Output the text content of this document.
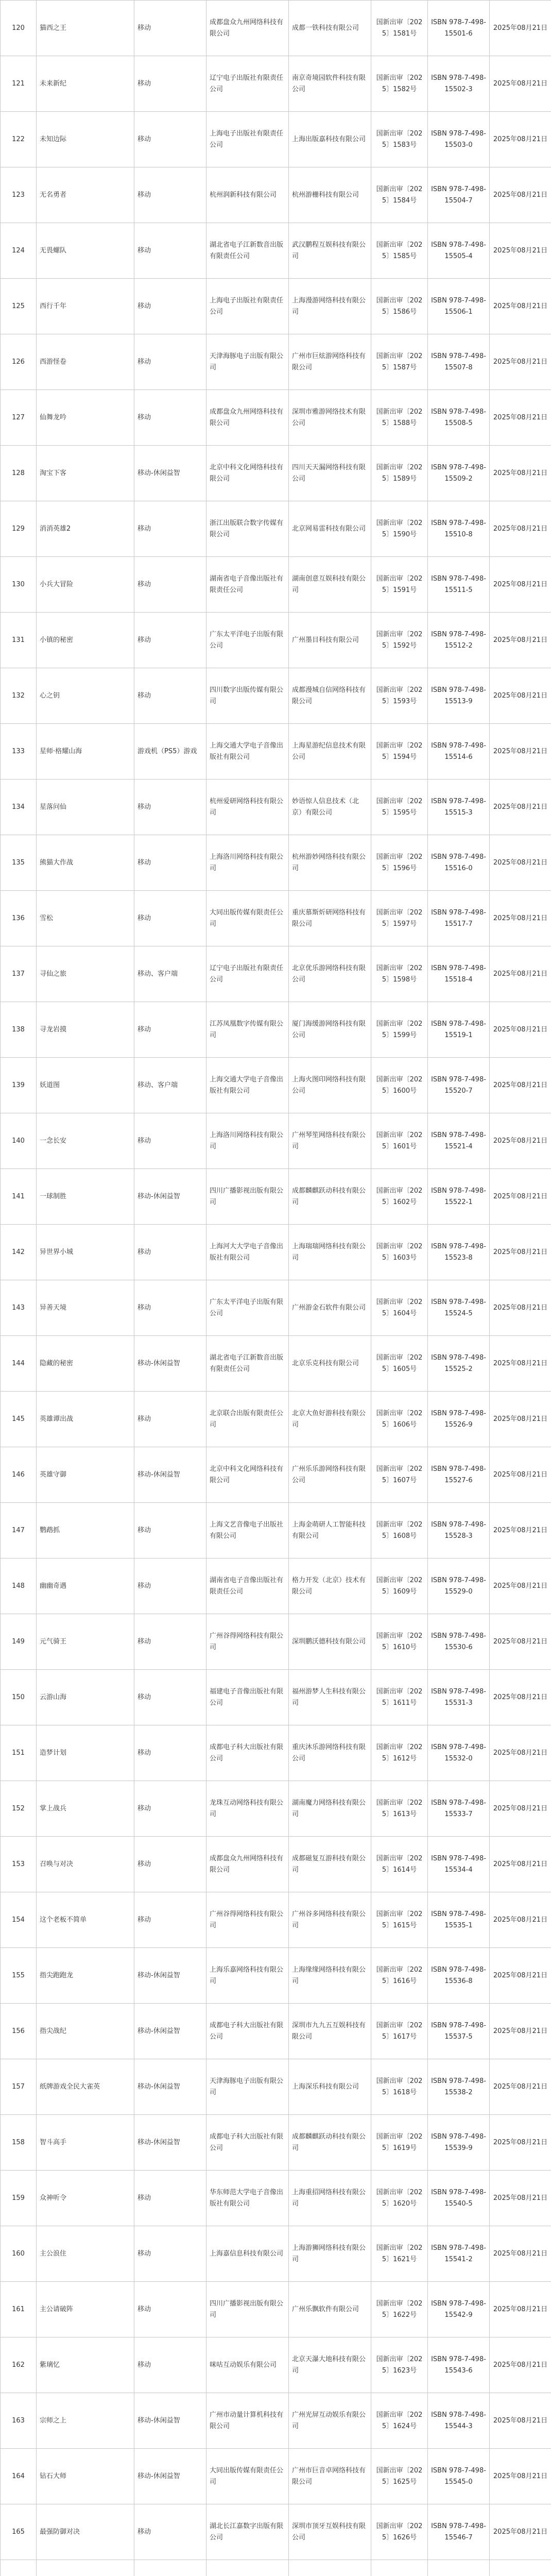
120	猫西之王	移动	成都盘众九州网络科技有限公司	成都一铁科技有限公司	国新出审〔2025〕1581号	ISBN 978-7-498-15501-6	2025年08月21日
121	未来新纪	移动	辽宁电子出版社有限责任公司	南京奇境园软件科技有限公司	国新出审〔2025〕1582号	ISBN 978-7-498-15502-3	2025年08月21日
122	未知边际	移动	上海电子出版社有限责任公司	上海出版嘉科技有限公司	国新出审〔2025〕1583号	ISBN 978-7-498-15503-0	2025年08月21日
123	无名勇者	移动	杭州润新科技有限公司	杭州游栅科技有限公司	国新出审〔2025〕1584号	ISBN 978-7-498-15504-7	2025年08月21日
124	无畏螺队	移动	湖北省电子江新数音出版有限责任公司	武汉鹏程互娱科技有限公司	国新出审〔2025〕1585号	ISBN 978-7-498-15505-4	2025年08月21日
125	西行千年	移动	上海电子出版社有限责任公司	上海漫游网络科技有限公司	国新出审〔2025〕1586号	ISBN 978-7-498-15506-1	2025年08月21日
126	西游怪卷	移动	天津海豚电子出版有限公司	广州市巨炫游网络科技有限公司	国新出审〔2025〕1587号	ISBN 978-7-498-15507-8	2025年08月21日
127	仙舞龙吟	移动	成都盘众九州网络科技有限公司	深圳市雅游网络技术有限公司	国新出审〔2025〕1588号	ISBN 978-7-498-15508-5	2025年08月21日
128	淘宝下客	移动-休闲益智	北京中科文化网络科技有限公司	四川天天漏网络科技有限公司	国新出审〔2025〕1589号	ISBN 978-7-498-15509-2	2025年08月21日
129	消消英雄2	移动	浙江出版联合数字传媒有限公司	北京网易雷科技有限公司	国新出审〔2025〕1590号	ISBN 978-7-498-15510-8	2025年08月21日
130	小兵大冒险	移动	湖南省电子音像出版社有限责任公司	湖南创意互娱科技有限公司	国新出审〔2025〕1591号	ISBN 978-7-498-15511-5	2025年08月21日
131	小镇的秘密	移动	广东太平洋电子出版有限公司	广州墨目科技有限公司	国新出审〔2025〕1592号	ISBN 978-7-498-15512-2	2025年08月21日
132	心之钥	移动	四川数字出版传媒有限公司	成都漫城自信网络科技有限公司	国新出审〔2025〕1593号	ISBN 978-7-498-15513-9	2025年08月21日
133	星师·格耀山海	游戏机（PS5）游戏	上海交通大学电子音像出版社有限公司	上海星游纪信息技术有限公司	国新出审〔2025〕1594号	ISBN 978-7-498-15514-6	2025年08月21日
134	星落问仙	移动	杭州爱研网络科技有限公司	妙语惊人信息技术（北京）有限公司	国新出审〔2025〕1595号	ISBN 978-7-498-15515-3	2025年08月21日
135	熊猫大作战	移动	上海洛川网络科技有限公司	杭州游妙网络科技有限公司	国新出审〔2025〕1596号	ISBN 978-7-498-15516-0	2025年08月21日
136	雪松	移动	大同出版传媒有限责任公司	重庆慕斯炘研网络科技有限公司	国新出审〔2025〕1597号	ISBN 978-7-498-15517-7	2025年08月21日
137	寻仙之旅	移动、客户端	辽宁电子出版社有限责任公司	北京优乐游网络科技有限公司	国新出审〔2025〕1598号	ISBN 978-7-498-15518-4	2025年08月21日
138	寻龙岩摸	移动	江苏凤凰数字传媒有限公司	厦门海缓游网络科技有限公司	国新出审〔2025〕1599号	ISBN 978-7-498-15519-1	2025年08月21日
139	妖道图	移动、客户端	上海交通大学电子音像出版社有限公司	上海火图印网络科技有限公司	国新出审〔2025〕1600号	ISBN 978-7-498-15520-7	2025年08月21日
140	一念长安	移动	上海洛川网络科技有限公司	广州琴笙网络科技有限公司	国新出审〔2025〕1601号	ISBN 978-7-498-15521-4	2025年08月21日
141	一球制胜	移动-休闲益智	四川广播影视出版有限公司	成都麟麒跃动科技有限公司	国新出审〔2025〕1602号	ISBN 978-7-498-15522-1	2025年08月21日
142	异世界小城	移动	上海河大大学电子音像出版社有限公司	上海瑞瑞网络科技有限公司	国新出审〔2025〕1603号	ISBN 978-7-498-15523-8	2025年08月21日
143	异善天境	移动	广东太平洋电子出版有限公司	广州游金石软件有限公司	国新出审〔2025〕1604号	ISBN 978-7-498-15524-5	2025年08月21日
144	隐藏的秘密	移动-休闲益智	湖北省电子江新数音出版有限责任公司	北京乐克科技有限公司	国新出审〔2025〕1605号	ISBN 978-7-498-15525-2	2025年08月21日
145	英雄谭出战	移动	北京联合出版有限责任公司	北京大鱼好游科技有限公司	国新出审〔2025〕1606号	ISBN 978-7-498-15526-9	2025年08月21日
146	英雄守御	移动-休闲益智	北京中科文化网络科技有限公司	广州乐乐游网络科技有限公司	国新出审〔2025〕1607号	ISBN 978-7-498-15527-6	2025年08月21日
147	鹦鹉抓	移动	上海文艺音像电子出版社有限公司	上海金萌研人工智能科技有限公司	国新出审〔2025〕1608号	ISBN 978-7-498-15528-3	2025年08月21日
148	幽幽奇遇	移动	湖南省电子音像出版社有限责任公司	格力开发（北京）技术有限公司	国新出审〔2025〕1609号	ISBN 978-7-498-15529-0	2025年08月21日
149	元气骑王	移动	广州谷得网络科技有限公司	深圳鹏沃德科技有限公司	国新出审〔2025〕1610号	ISBN 978-7-498-15530-6	2025年08月21日
150	云游山海	移动	福建电子音像出版社有限公司	福州游梦人生科技有限公司	国新出审〔2025〕1611号	ISBN 978-7-498-15531-3	2025年08月21日
151	造梦计划	移动	成都电子科大出版社有限公司	重庆沐乐游网络科技有限公司	国新出审〔2025〕1612号	ISBN 978-7-498-15532-0	2025年08月21日
152	掌上战兵	移动	龙珠互动网络科技有限公司	湖南魔力网络科技有限公司	国新出审〔2025〕1613号	ISBN 978-7-498-15533-7	2025年08月21日
153	召唤与对决	移动	成都盘众九州网络科技有限公司	成都磁复互游科技有限公司	国新出审〔2025〕1614号	ISBN 978-7-498-15534-4	2025年08月21日
154	这个老板不简单	移动	广州谷得网络科技有限公司	广州谷多网络科技有限公司	国新出审〔2025〕1615号	ISBN 978-7-498-15535-1	2025年08月21日
155	指尖跑跑龙	移动-休闲益智	上海乐嘉网络科技有限公司	上海缘缘网络科技有限公司	国新出审〔2025〕1616号	ISBN 978-7-498-15536-8	2025年08月21日
156	指尖战纪	移动-休闲益智	成都电子科大出版社有限公司	深圳市九九五互娱科技有限公司	国新出审〔2025〕1617号	ISBN 978-7-498-15537-5	2025年08月21日
157	纸牌游戏全民大雀英	移动-休闲益智	天津海豚电子出版有限公司	上海深乐科技有限公司	国新出审〔2025〕1618号	ISBN 978-7-498-15538-2	2025年08月21日
158	智斗高手	移动-休闲益智	成都电子科大出版社有限公司	成都麟麒跃动科技有限公司	国新出审〔2025〕1619号	ISBN 978-7-498-15539-9	2025年08月21日
159	众神听令	移动	华东师范大学电子音像出版社有限公司	上海重招网络科技有限公司	国新出审〔2025〕1620号	ISBN 978-7-498-15540-5	2025年08月21日
160	主公浪住	移动	上海嘉信息科技有限公司	上海游狮网络科技有限公司	国新出审〔2025〕1621号	ISBN 978-7-498-15541-2	2025年08月21日
161	主公请破阵	移动	四川广播影视出版有限公司	广州乐飘软件有限公司	国新出审〔2025〕1622号	ISBN 978-7-498-15542-9	2025年08月21日
162	紫璃忆	移动	咪咕互动娱乐有限公司	北京天瀑大地科技有限公司	国新出审〔2025〕1623号	ISBN 978-7-498-15543-6	2025年08月21日
163	宗师之上	移动-休闲益智	广州市动量计算机科技有限公司	广州光屏互动娱乐有限公司	国新出审〔2025〕1624号	ISBN 978-7-498-15544-3	2025年08月21日
164	钻石大师	移动-休闲益智	大同出版传媒有限责任公司	广州市巨音卓网络科技有限公司	国新出审〔2025〕1625号	ISBN 978-7-498-15545-0	2025年08月21日
165	最强防御对决	移动	湖北长江嘉数字出版有限公司	深圳市顶牙互娱科技有限公司	国新出审〔2025〕1626号	ISBN 978-7-498-15546-7	2025年08月21日
